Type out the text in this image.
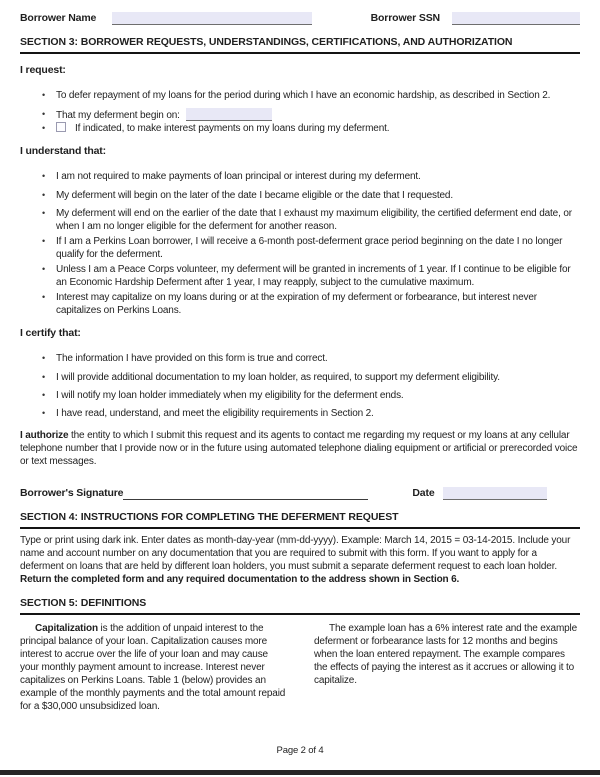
Borrower Name	Borrower SSN
SECTION 3: BORROWER REQUESTS, UNDERSTANDINGS, CERTIFICATIONS, AND AUTHORIZATION
I request:
•	To defer repayment of my loans for the period during which I have an economic hardship, as described in Section 2.
•	That my deferment begin on:
•	If indicated, to make interest payments on my loans during my deferment.
I understand that:
•	I am not required to make payments of loan principal or interest during my deferment.
•	My deferment will begin on the later of the date I became eligible or the date that I requested.
•	My deferment will end on the earlier of the date that I exhaust my maximum eligibility, the certified deferment end date, or when I am no longer eligible for the deferment for another reason.
•	If I am a Perkins Loan borrower, I will receive a 6-month post-deferment grace period beginning on the date I no longer qualify for the deferment.
•	Unless I am a Peace Corps volunteer, my deferment will be granted in increments of 1 year. If I continue to be eligible for an Economic Hardship Deferment after 1 year, I may reapply, subject to the cumulative maximum.
•	Interest may capitalize on my loans during or at the expiration of my deferment or forbearance, but interest never capitalizes on Perkins Loans.
I certify that:
•	The information I have provided on this form is true and correct.
•	I will provide additional documentation to my loan holder, as required, to support my deferment eligibility.
•	I will notify my loan holder immediately when my eligibility for the deferment ends.
•	I have read, understand, and meet the eligibility requirements in Section 2.

I authorize the entity to which I submit this request and its agents to contact me regarding my request or my loans at any cellular telephone number that I provide now or in the future using automated telephone dialing equipment or artificial or prerecorded voice or text messages.

Borrower's Signature	Date
SECTION 4: INSTRUCTIONS FOR COMPLETING THE DEFERMENT REQUEST

Type or print using dark ink. Enter dates as month-day-year (mm-dd-yyyy). Example: March 14, 2015 = 03-14-2015. Include your name and account number on any documentation that you are required to submit with this form. If you want to apply for a deferment on loans that are held by different loan holders, you must submit a separate deferment request to each loan holder. Return the completed form and any required documentation to the address shown in Section 6.

SECTION 5: DEFINITIONS

Capitalization is the addition of unpaid interest to the principal balance of your loan. Capitalization causes more interest to accrue over the life of your loan and may cause your monthly payment amount to increase. Interest never capitalizes on Perkins Loans. Table 1 (below) provides an example of the monthly payments and the total amount repaid for a $30,000 unsubsidized loan.

The example loan has a 6% interest rate and the example deferment or forbearance lasts for 12 months and begins when the loan entered repayment. The example compares the effects of paying the interest as it accrues or allowing it to capitalize.

Page 2 of 4
